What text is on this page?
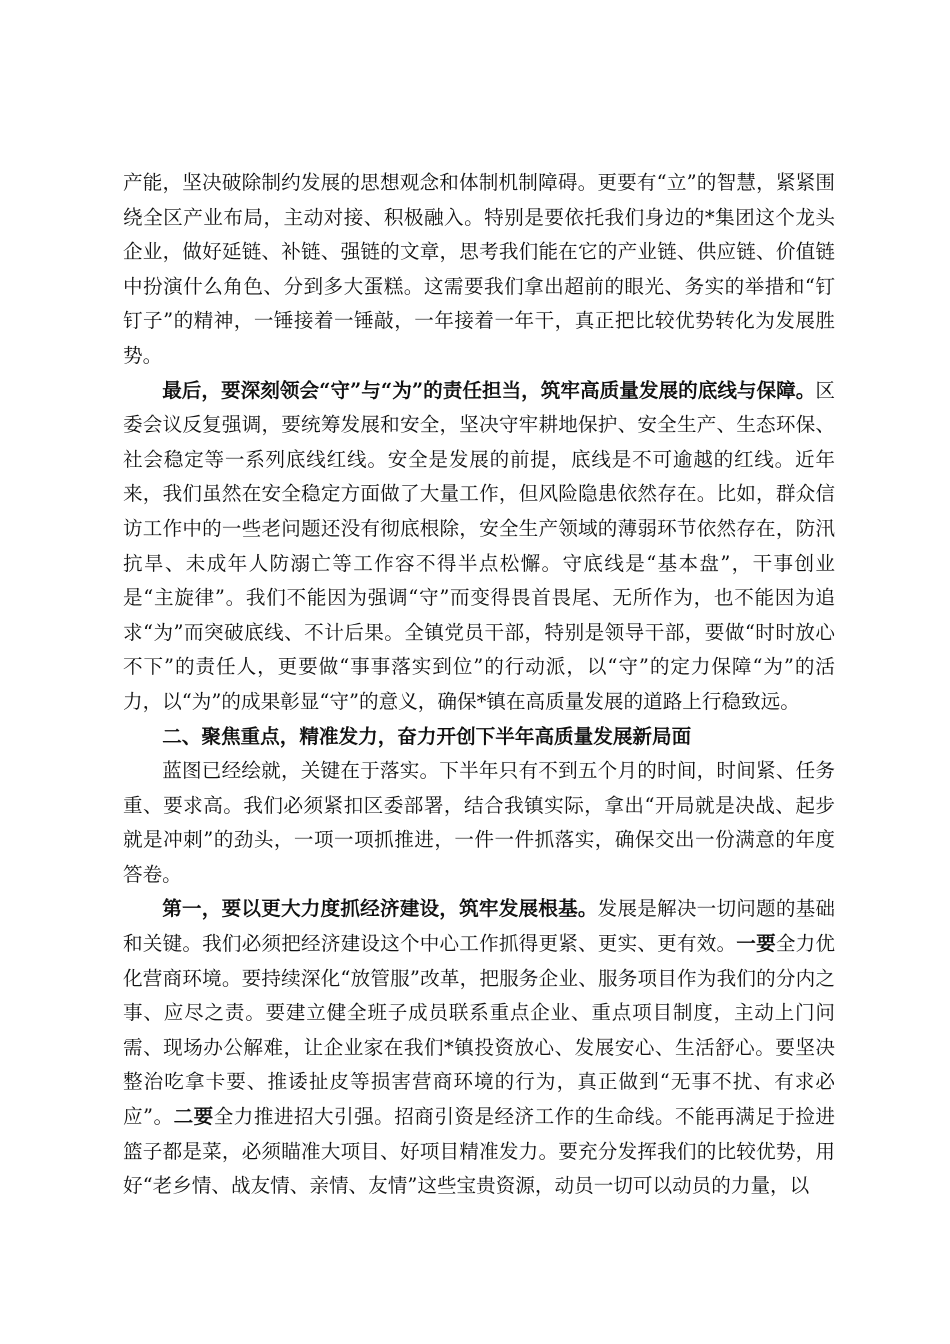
产能，坚决破除制约发展的思想观念和体制机制障碍。更要有“立”的智慧，紧紧围绕全区产业布局，主动对接、积极融入。特别是要依托我们身边的*集团这个龙头企业，做好延链、补链、强链的文章，思考我们能在它的产业链、供应链、价值链中扮演什么角色、分到多大蛋糕。这需要我们拿出超前的眼光、务实的举措和“钉钉子”的精神，一锤接着一锤敲，一年接着一年干，真正把比较优势转化为发展胜势。

最后，要深刻领会“守”与“为”的责任担当，筑牢高质量发展的底线与保障。区委会议反复强调，要统筹发展和安全，坚决守牢耕地保护、安全生产、生态环保、社会稳定等一系列底线红线。安全是发展的前提，底线是不可逾越的红线。近年来，我们虽然在安全稳定方面做了大量工作，但风险隐患依然存在。比如，群众信访工作中的一些老问题还没有彻底根除，安全生产领域的薄弱环节依然存在，防汛抗旱、未成年人防溺亡等工作容不得半点松懈。守底线是“基本盘”，干事创业是“主旋律”。我们不能因为强调“守”而变得畏首畏尾、无所作为，也不能因为追求“为”而突破底线、不计后果。全镇党员干部，特别是领导干部，要做“时时放心不下”的责任人，更要做“事事落实到位”的行动派，以“守”的定力保障“为”的活力，以“为”的成果彰显“守”的意义，确保*镇在高质量发展的道路上行稳致远。

二、聚焦重点，精准发力，奋力开创下半年高质量发展新局面

蓝图已经绘就，关键在于落实。下半年只有不到五个月的时间，时间紧、任务重、要求高。我们必须紧扣区委部署，结合我镇实际，拿出“开局就是决战、起步就是冲刺”的劲头，一项一项抓推进，一件一件抓落实，确保交出一份满意的年度答卷。

第一，要以更大力度抓经济建设，筑牢发展根基。发展是解决一切问题的基础和关键。我们必须把经济建设这个中心工作抓得更紧、更实、更有效。一要全力优化营商环境。要持续深化“放管服”改革，把服务企业、服务项目作为我们的分内之事、应尽之责。要建立健全班子成员联系重点企业、重点项目制度，主动上门问需、现场办公解难，让企业家在我们*镇投资放心、发展安心、生活舒心。要坚决整治吃拿卡要、推诿扯皮等损害营商环境的行为，真正做到“无事不扰、有求必应”。二要全力推进招大引强。招商引资是经济工作的生命线。不能再满足于捡进篮子都是菜，必须瞄准大项目、好项目精准发力。要充分发挥我们的比较优势，用好“老乡情、战友情、亲情、友情”这些宝贵资源，动员一切可以动员的力量，以
